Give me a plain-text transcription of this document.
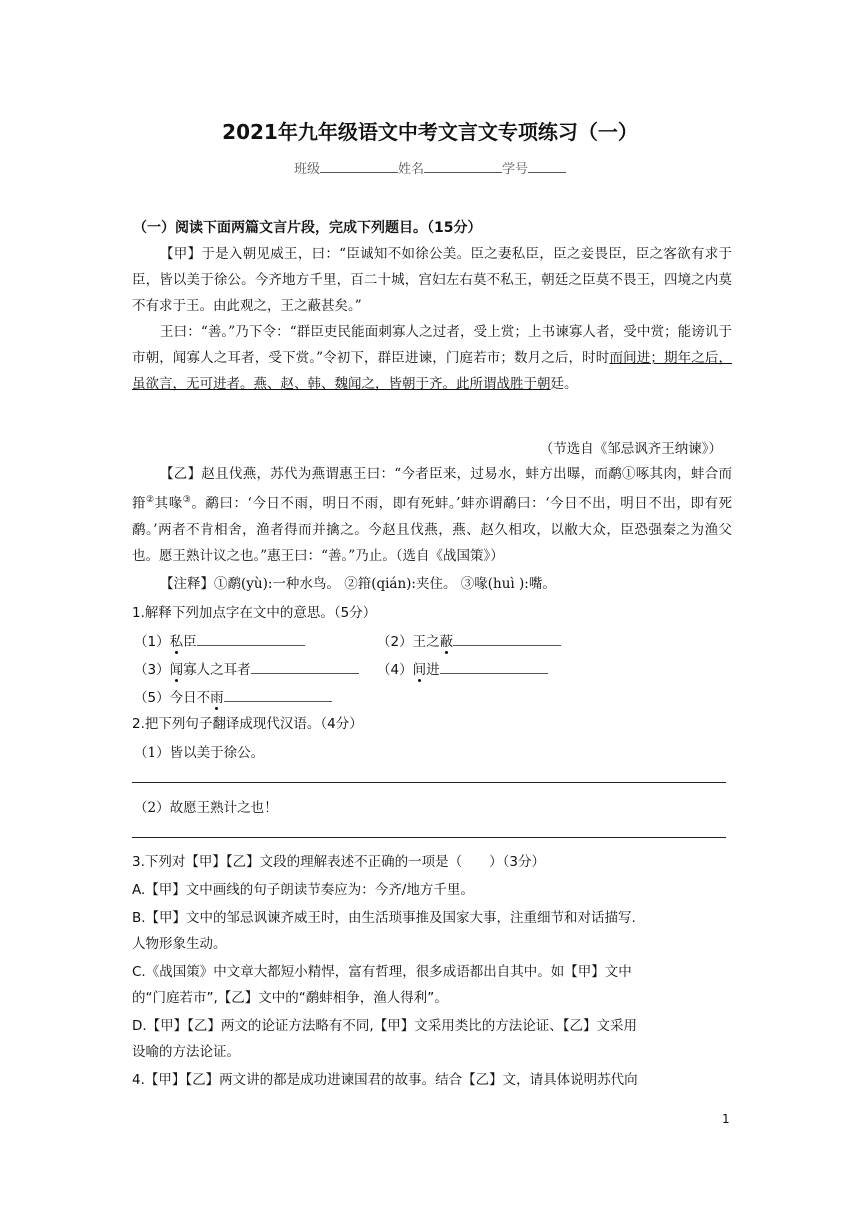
2021年九年级语文中考文言文专项练习（一）
班级	姓名	学号
（一）阅读下面两篇文言片段，完成下列题目。（15分）
【甲】于是入朝见威王，曰：“臣诚知不如徐公美。臣之妻私臣，臣之妾畏臣，臣之客欲有求于臣，皆以美于徐公。今齐地方千里，百二十城，宫妇左右莫不私王，朝廷之臣莫不畏王，四境之内莫不有求于王。由此观之，王之蔽甚矣。”
王曰：“善。”乃下令：“群臣吏民能面刺寡人之过者，受上赏；上书谏寡人者，受中赏；能谤讥于市朝，闻寡人之耳者，受下赏。”令初下，群臣进谏，门庭若市；数月之后，时时而间进；期年之后，虽欲言，无可进者。燕、赵、韩、魏闻之，皆朝于齐。此所谓战胜于朝廷。
（节选自《邹忌讽齐王纳谏》）
【乙】赵且伐燕，苏代为燕谓惠王曰：“今者臣来，过易水，蚌方出曝，而鹬①啄其肉，蚌合而箝②其喙③。鹬曰：‘今日不雨，明日不雨，即有死蚌。’蚌亦谓鹬曰：‘今日不出，明日不出，即有死鹬。’两者不肯相舍，渔者得而并擒之。今赵且伐燕，燕、赵久相攻，以敝大众，臣恐强秦之为渔父也。愿王熟计议之也。”惠王曰：“善。”乃止。（选自《战国策》）
【注释】①鹬(yù):一种水鸟。 ②箝(qián):夹住。 ③喙(huì ):嘴。
1.解释下列加点字在文中的意思。（5分）
（1）私臣	（2）王之蔽
（3）闻寡人之耳者	（4）间进
（5）今日不雨
2.把下列句子翻译成现代汉语。（4分）
（1）皆以美于徐公。
（2）故愿王熟计之也！
3.下列对【甲】【乙】文段的理解表述不正确的一项是（　　）（3分）
A.【甲】文中画线的句子朗读节奏应为：今齐/地方千里。
B.【甲】文中的邹忌讽谏齐威王时，由生活琐事推及国家大事，注重细节和对话描写.
人物形象生动。
C.《战国策》中文章大都短小精悍，富有哲理，很多成语都出自其中。如【甲】文中
的“门庭若市”,【乙】文中的“鹬蚌相争，渔人得利”。
D.【甲】【乙】两文的论证方法略有不同,【甲】文采用类比的方法论证、【乙】文采用
设喻的方法论证。
4.【甲】【乙】两文讲的都是成功进谏国君的故事。结合【乙】文，请具体说明苏代向
1
